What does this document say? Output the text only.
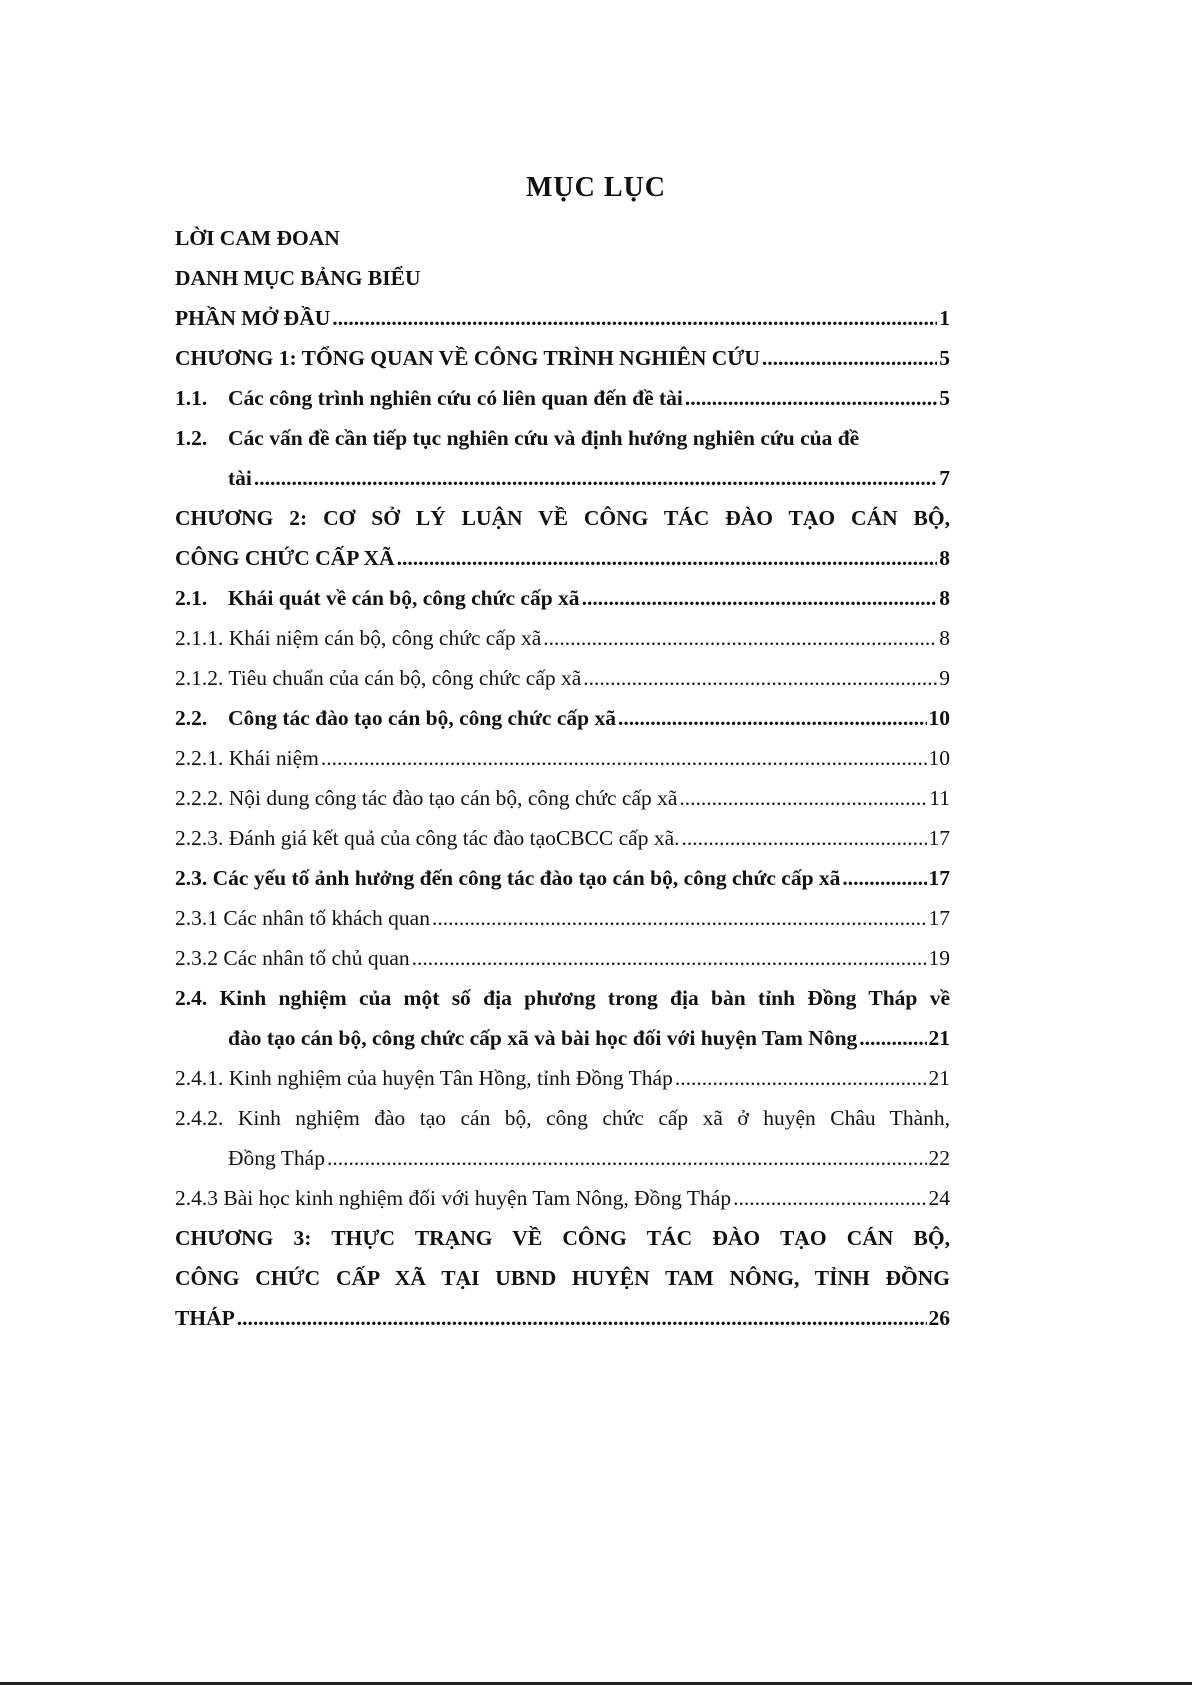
MỤC LỤC
LỜI CAM ĐOAN
DANH MỤC BẢNG BIỂU
PHẦN MỞ ĐẦU .....	1
CHƯƠNG 1: TỔNG QUAN VỀ CÔNG TRÌNH NGHIÊN CỨU .....	5
1.1. Các công trình nghiên cứu có liên quan đến đề tài .....	5
1.2. Các vấn đề cần tiếp tục nghiên cứu và định hướng nghiên cứu của đề
tài .....	7
CHƯƠNG 2: CƠ SỞ LÝ LUẬN VỀ CÔNG TÁC ĐÀO TẠO CÁN BỘ,
CÔNG CHỨC CẤP XÃ .....	8
2.1. Khái quát về cán bộ, công chức cấp xã .....	8
2.1.1. Khái niệm cán bộ, công chức cấp xã .....	8
2.1.2. Tiêu chuẩn của cán bộ, công chức cấp xã .....	9
2.2. Công tác đào tạo cán bộ, công chức cấp xã .....	10
2.2.1. Khái niệm .....	10
2.2.2. Nội dung công tác đào tạo cán bộ, công chức cấp xã .....	11
2.2.3. Đánh giá kết quả của công tác đào tạoCBCC cấp xã. .....	17
2.3. Các yếu tố ảnh hưởng đến công tác đào tạo cán bộ, công chức cấp xã .....	17
2.3.1 Các nhân tố khách quan .....	17
2.3.2 Các nhân tố chủ quan .....	19
2.4. Kinh nghiệm của một số địa phương trong địa bàn tỉnh Đồng Tháp về
đào tạo cán bộ, công chức cấp xã và bài học đối với huyện Tam Nông .....	21
2.4.1. Kinh nghiệm của huyện Tân Hồng, tỉnh Đồng Tháp .....	21
2.4.2. Kinh nghiệm đào tạo cán bộ, công chức cấp xã ở huyện Châu Thành,
Đồng Tháp .....	22
2.4.3 Bài học kinh nghiệm đối với huyện Tam Nông, Đồng Tháp .....	24
CHƯƠNG 3: THỰC TRẠNG VỀ CÔNG TÁC ĐÀO TẠO CÁN BỘ,
CÔNG CHỨC CẤP XÃ TẠI UBND HUYỆN TAM NÔNG, TỈNH ĐỒNG
THÁP .....	26
